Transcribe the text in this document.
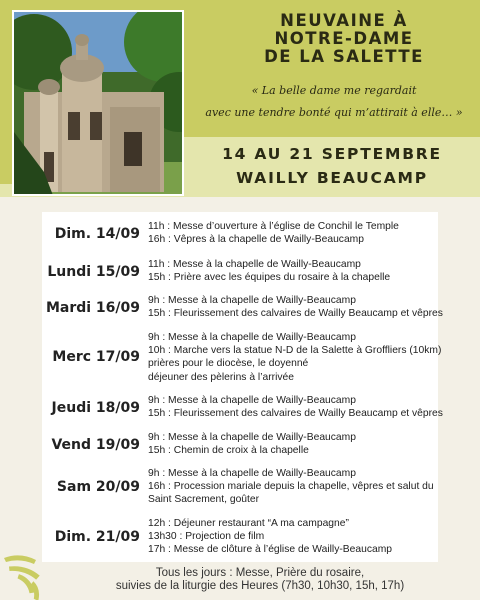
NEUVAINE À
NOTRE-DAME
DE LA SALETTE
« La belle dame me regardait
avec une tendre bonté qui m’attirait à elle… »
14 AU 21 SEPTEMBRE
WAILLY BEAUCAMP
Dim. 14/09 11h : Messe d’ouverture à l’église de Conchil le Temple
16h : Vêpres à la chapelle de Wailly-Beaucamp
Lundi 15/09 11h : Messe à la chapelle de Wailly-Beaucamp
15h : Prière avec les équipes du rosaire à la chapelle
Mardi 16/09 9h : Messe à la chapelle de Wailly-Beaucamp
15h : Fleurissement des calvaires de Wailly Beaucamp et vêpres
Merc 17/09
9h : Messe à la chapelle de Wailly-Beaucamp
10h : Marche vers la statue N-D de la Salette à Groffliers (10km)
prières pour le diocèse, le doyenné
déjeuner des pèlerins à l’arrivée
Jeudi 18/09 9h : Messe à la chapelle de Wailly-Beaucamp
15h : Fleurissement des calvaires de Wailly Beaucamp et vêpres
Vend 19/09 9h : Messe à la chapelle de Wailly-Beaucamp
15h : Chemin de croix à la chapelle
Sam 20/09
9h : Messe à la chapelle de Wailly-Beaucamp
16h : Procession mariale depuis la chapelle, vêpres et salut du
Saint Sacrement, goûter
Dim. 21/09
12h : Déjeuner restaurant “A ma campagne”
13h30 : Projection de film
17h : Messe de clôture à l’église de Wailly-Beaucamp
Tous les jours : Messe, Prière du rosaire,
suivies de la liturgie des Heures (7h30, 10h30, 15h, 17h)
